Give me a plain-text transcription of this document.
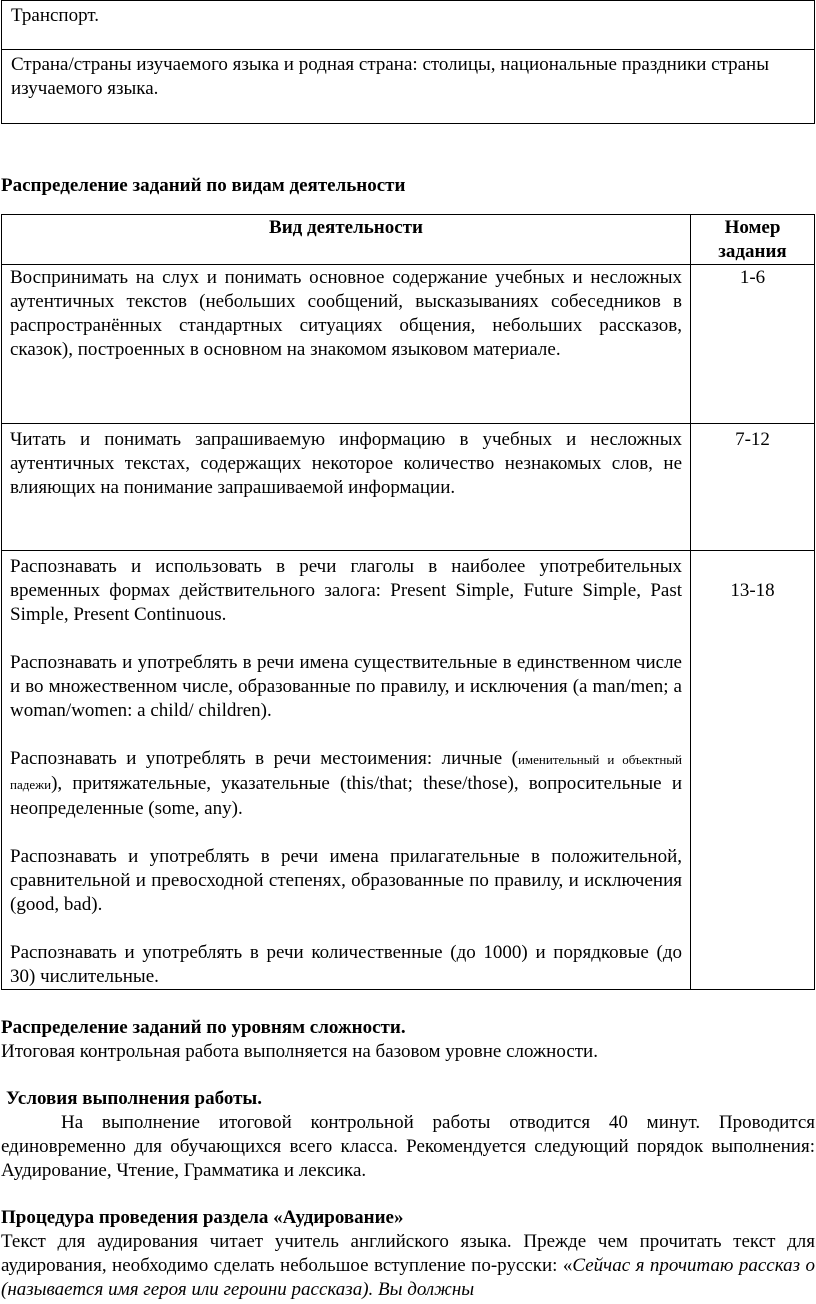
Транспорт.
Страна/страны изучаемого языка и родная страна: столицы, национальные праздники страны изучаемого языка.
Распределение заданий по видам деятельности
Вид деятельности	Номер задания

Воспринимать на слух и понимать основное содержание учебных и несложных аутентичных текстов (небольших сообщений, высказываниях собеседников в распространённых стандартных ситуациях общения, небольших рассказов, сказок), построенных в основном на знакомом языковом материале.	1-6

Читать и понимать запрашиваемую информацию в учебных и несложных аутентичных текстах, содержащих некоторое количество незнакомых слов, не влияющих на понимание запрашиваемой информации.	7-12

Распознавать и использовать в речи глаголы в наиболее употребительных временных формах действительного залога: Present Simple, Future Simple, Past Simple, Present Continuous.
Распознавать и употреблять в речи имена существительные в единственном числе и во множественном числе, образованные по правилу, и исключения (a man/men; a woman/women: a child/ children).
Распознавать и употреблять в речи местоимения: личные (именительный и объектный падежи), притяжательные, указательные (this/that; these/those), вопросительные и неопределенные (some, any).
Распознавать и употреблять в речи имена прилагательные в положительной, сравнительной и превосходной степенях, образованные по правилу, и исключения (good, bad).
Распознавать и употреблять в речи количественные (до 1000) и порядковые (до 30) числительные.	13-18
Распределение заданий по уровням сложности.
Итоговая контрольная работа выполняется на базовом уровне сложности.
Условия выполнения работы.
На выполнение итоговой контрольной работы отводится 40 минут. Проводится единовременно для обучающихся всего класса. Рекомендуется следующий порядок выполнения: Аудирование, Чтение, Грамматика и лексика.
Процедура проведения раздела «Аудирование»
Текст для аудирования читает учитель английского языка. Прежде чем прочитать текст для аудирования, необходимо сделать небольшое вступление по-русски: «Сейчас я прочитаю рассказ о (называется имя героя или героини рассказа). Вы должны
